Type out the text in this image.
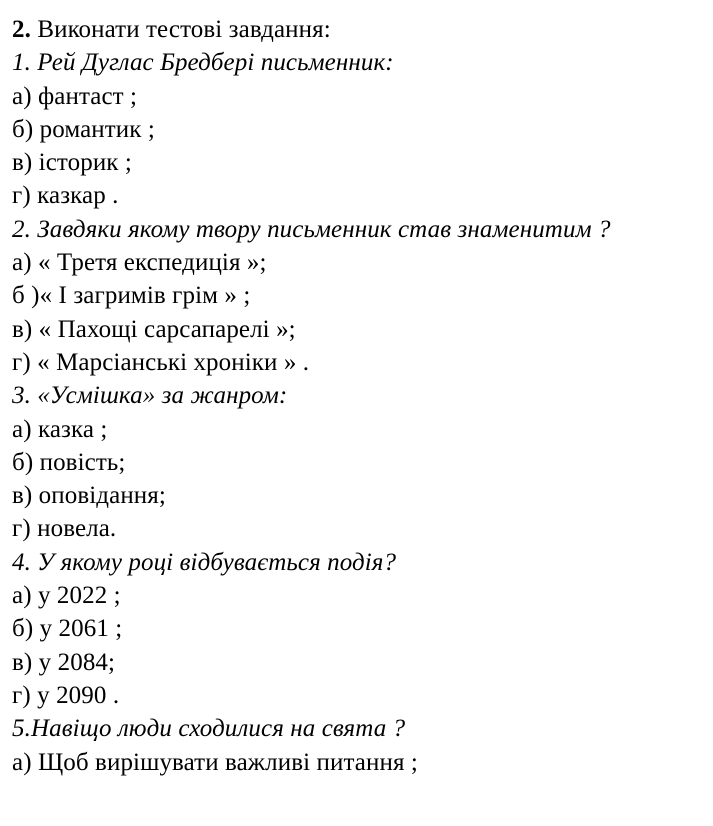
2. Виконати тестові завдання:
1. Рей Дуглас Бредбері письменник:
а) фантаст ;
б) романтик ;
в) історик ;
г) казкар .
2. Завдяки якому твору письменник став знаменитим ?
а) « Третя експедиція »;
б )« І загримів грім » ;
в) « Пахощі сарсапарелі »;
г) « Марсіанські хроніки » .
3. «Усмішка» за жанром:
а) казка ;
б) повість;
в) оповідання;
г) новела.
4. У якому році відбувається подія?
а) у 2022 ;
б) у 2061 ;
в) у 2084;
г) у 2090 .
5.Навіщо люди сходилися на свята ?
а) Щоб вирішувати важливі питання ;
